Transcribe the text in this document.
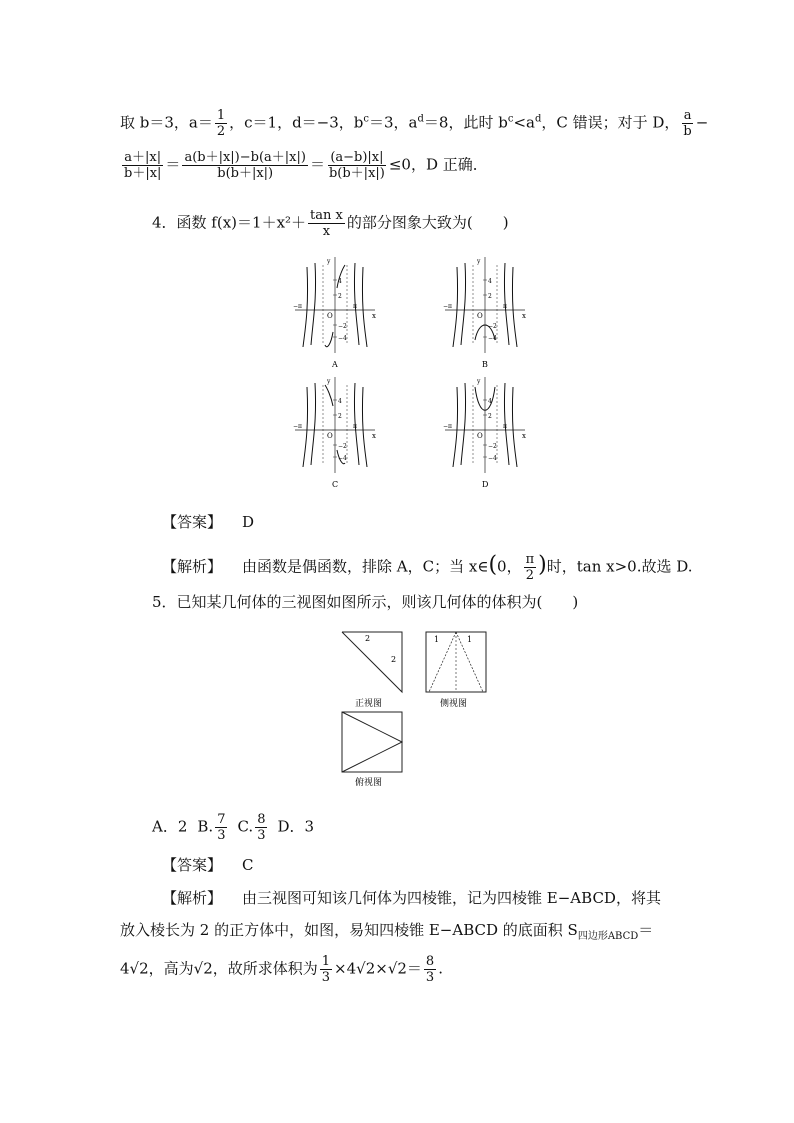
取 b＝3，$a= \frac{1}{2}$ ，c＝1，d＝−3，$b^c=3$，$a^d=8$，此时 $b^c<a^d$，C 错误；对于 D， $\frac{a}{b}$ −
$\frac{a+|x|}{b+|x|} = \frac{a(b+|x|)-b(a+|x|)}{b(b+|x|)} = \frac{(a-b)|x|}{b(b+|x|)} \le 0$，D 正确．
4．函数 $f(x)=1+x^2+ \frac{\text{tan x}}{x}$ 的部分图象大致为(　　)
x
y
O
−π	π
4
2
−2
−4
A
x
y
O
−π	π
4
2
−2
−4
B
x
y
O
−π	π
4
2
−2
−4
C
x
y
O
−π	π
4
2
−2
−4
D
【答案】 D
【解析】 由函数是偶函数，排除 A，C；当 x∈(0， $\frac{\pi}{2}$ )时，tan x>0.故选 D.
5．已知某几何体的三视图如图所示，则该几何体的体积为(　　)
2
2
正视图
1	1
侧视图
俯视图
A．2 B. $\frac{7}{3} C$. $\frac{8}{3}$ D．3
【答案】 C
【解析】 由三视图可知该几何体为四棱锥，记为四棱锥 E−ABCD，将其
放入棱长为 2 的正方体中，如图，易知四棱锥 E−ABCD 的底面积 $S_{四边形ABCD}=$
4√2，高为√2，故所求体积为 $\frac{1}{3} \times 4√2\times√2= \frac{8}{3}$ .
